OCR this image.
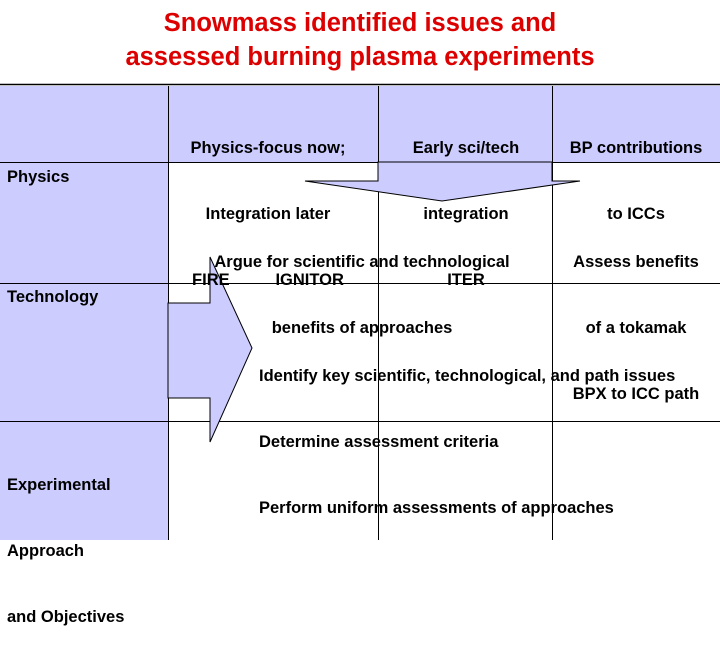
Snowmass identified issues and
assessed burning plasma experiments

Physics-focus now;

Integration later

FIRE          IGNITOR

Early sci/tech

integration

ITER

BP contributions

to ICCs

Physics
Technology

Experimental

Approach

and Objectives

Argue for scientific and technological

benefits of approaches

Assess benefits

of a tokamak

BPX to ICC path

Identify key scientific, technological, and path issues

Determine assessment criteria

Perform uniform assessments of approaches
